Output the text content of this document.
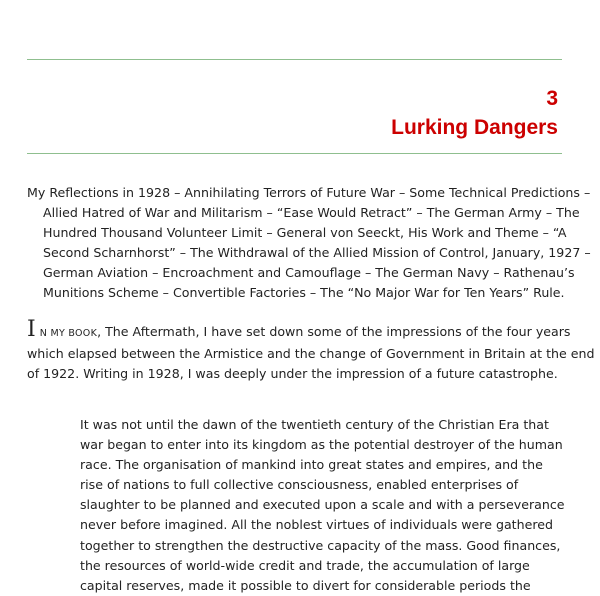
3
Lurking Dangers
My Reflections in 1928 – Annihilating Terrors of Future War – Some Technical Predictions –
Allied Hatred of War and Militarism – “Ease Would Retract” – The German Army – The
Hundred Thousand Volunteer Limit – General von Seeckt, His Work and Theme – “A
Second Scharnhorst” – The Withdrawal of the Allied Mission of Control, January, 1927 –
German Aviation – Encroachment and Camouflage – The German Navy – Rathenau’s
Munitions Scheme – Convertible Factories – The “No Major War for Ten Years” Rule.
I N MY BOOK, The Aftermath, I have set down some of the impressions of the four years
which elapsed between the Armistice and the change of Government in Britain at the end
of 1922. Writing in 1928, I was deeply under the impression of a future catastrophe.
It was not until the dawn of the twentieth century of the Christian Era that
war began to enter into its kingdom as the potential destroyer of the human
race. The organisation of mankind into great states and empires, and the
rise of nations to full collective consciousness, enabled enterprises of
slaughter to be planned and executed upon a scale and with a perseverance
never before imagined. All the noblest virtues of individuals were gathered
together to strengthen the destructive capacity of the mass. Good finances,
the resources of world-wide credit and trade, the accumulation of large
capital reserves, made it possible to divert for considerable periods the
